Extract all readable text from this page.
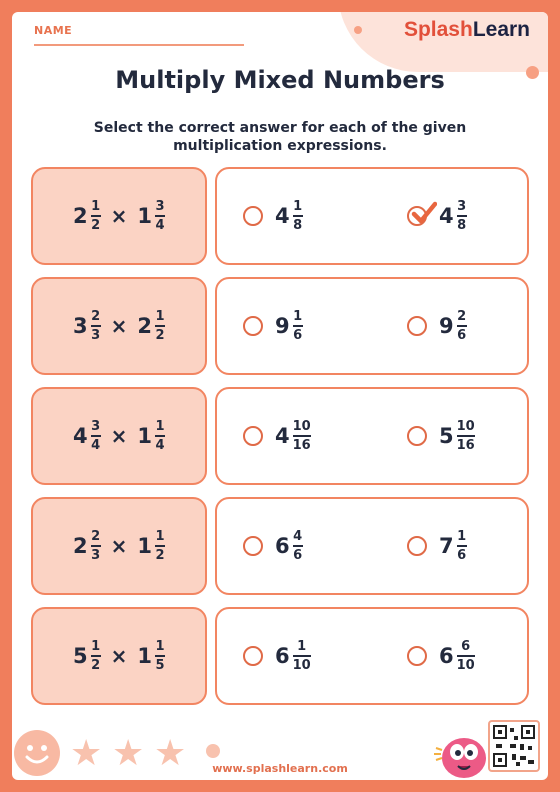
NAME	SplashLearn
Multiply Mixed Numbers
Select the correct answer for each of the given multiplication expressions.
$2 \frac{1}{2} \times 1 \frac{3}{4}$	$4 \frac{1}{8}$	$4 \frac{3}{8}$
$3 \frac{2}{3} \times 2 \frac{1}{2}$	$9 \frac{1}{6}$	$9 \frac{2}{6}$
$4 \frac{3}{4} \times 1 \frac{1}{4}$	$4 \frac{10}{16}$	$5 \frac{10}{16}$
$2 \frac{2}{3} \times 1 \frac{1}{2}$	$6 \frac{4}{6}$	$7 \frac{1}{6}$
$5 \frac{1}{2} \times 1 \frac{1}{5}$	$6 \frac{1}{10}$	$6 \frac{6}{10}$
★ ★ ★	www.splashlearn.com
